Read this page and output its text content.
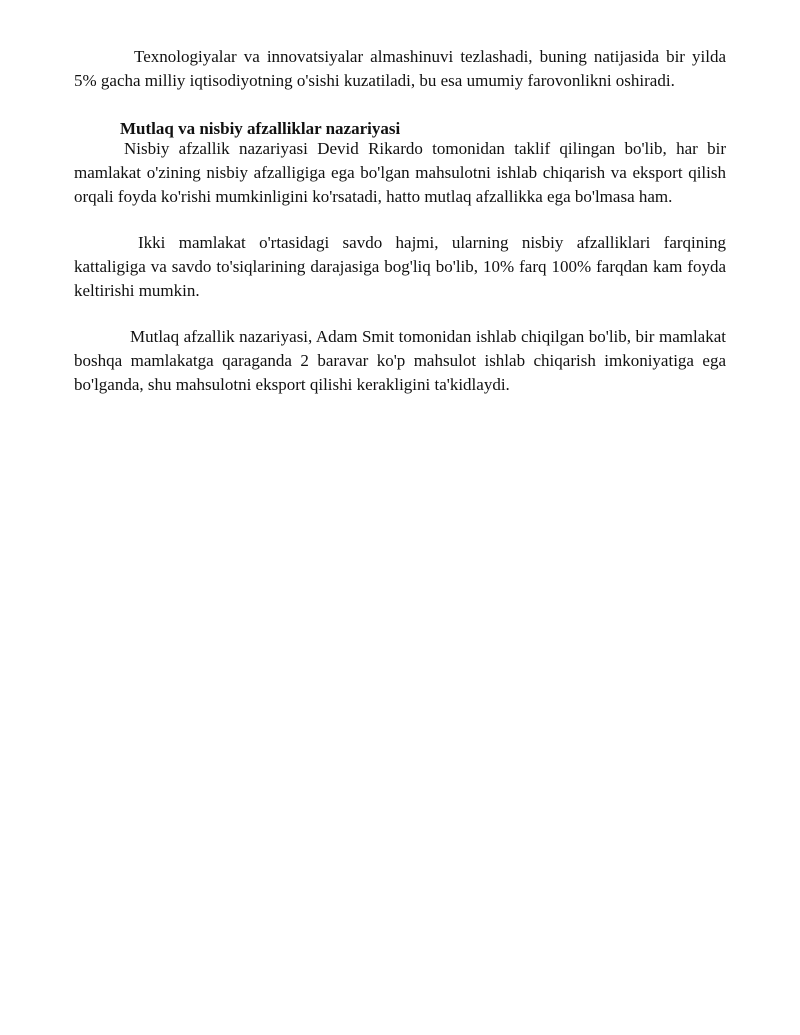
Texnologiyalar va innovatsiyalar almashinuvi tezlashadi, buning natijasida bir yilda 5% gacha milliy iqtisodiyotning o'sishi kuzatiladi, bu esa umumiy farovonlikni oshiradi.

Mutlaq va nisbiy afzalliklar nazariyasi

Nisbiy afzallik nazariyasi Devid Rikardo tomonidan taklif qilingan bo'lib, har bir mamlakat o'zining nisbiy afzalligiga ega bo'lgan mahsulotni ishlab chiqarish va eksport qilish orqali foyda ko'rishi mumkinligini ko'rsatadi, hatto mutlaq afzallikka ega bo'lmasa ham.

Ikki mamlakat o'rtasidagi savdo hajmi, ularning nisbiy afzalliklari farqining kattaligiga va savdo to'siqlarining darajasiga bog'liq bo'lib, 10% farq 100% farqdan kam foyda keltirishi mumkin.

Mutlaq afzallik nazariyasi, Adam Smit tomonidan ishlab chiqilgan bo'lib, bir mamlakat boshqa mamlakatga qaraganda 2 baravar ko'p mahsulot ishlab chiqarish imkoniyatiga ega bo'lganda, shu mahsulotni eksport qilishi kerakligini ta'kidlaydi.
